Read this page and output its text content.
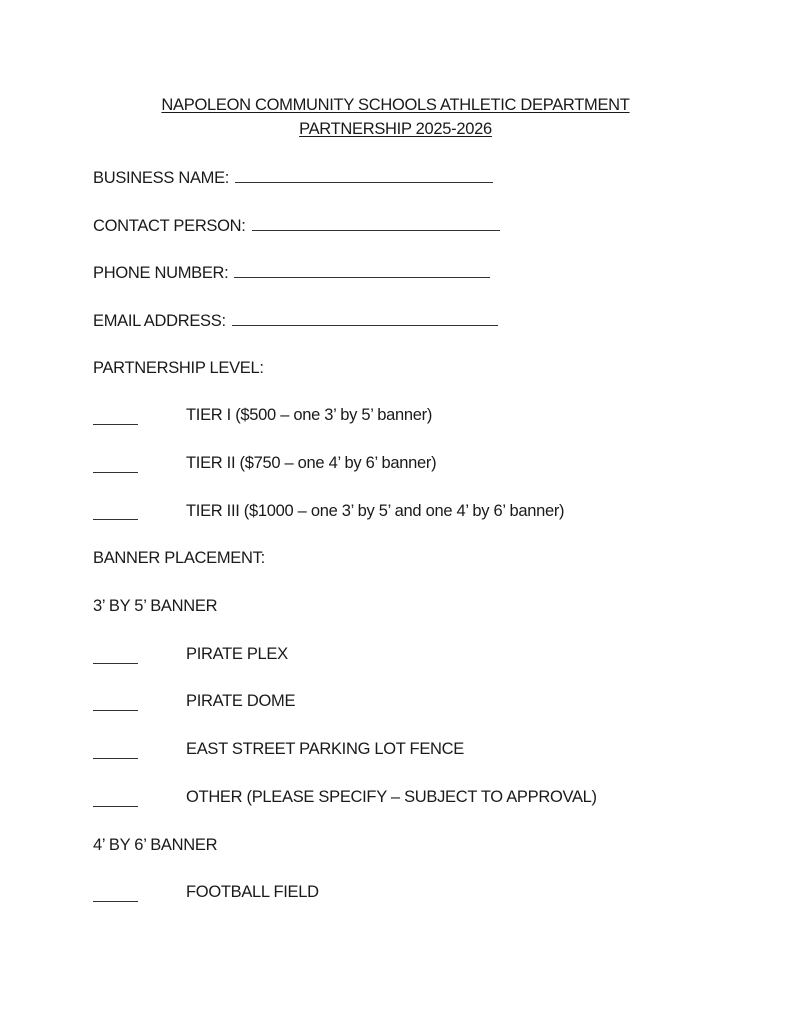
NAPOLEON COMMUNITY SCHOOLS ATHLETIC DEPARTMENT
PARTNERSHIP 2025-2026
BUSINESS NAME:
CONTACT PERSON:
PHONE NUMBER:
EMAIL ADDRESS:
PARTNERSHIP LEVEL:
TIER I ($500 – one 3’ by 5’ banner)
TIER II ($750 – one 4’ by 6’ banner)
TIER III ($1000 – one 3’ by 5’ and one 4’ by 6’ banner)
BANNER PLACEMENT:
3’ BY 5’ BANNER
PIRATE PLEX
PIRATE DOME
EAST STREET PARKING LOT FENCE
OTHER (PLEASE SPECIFY – SUBJECT TO APPROVAL)
4’ BY 6’ BANNER
FOOTBALL FIELD
